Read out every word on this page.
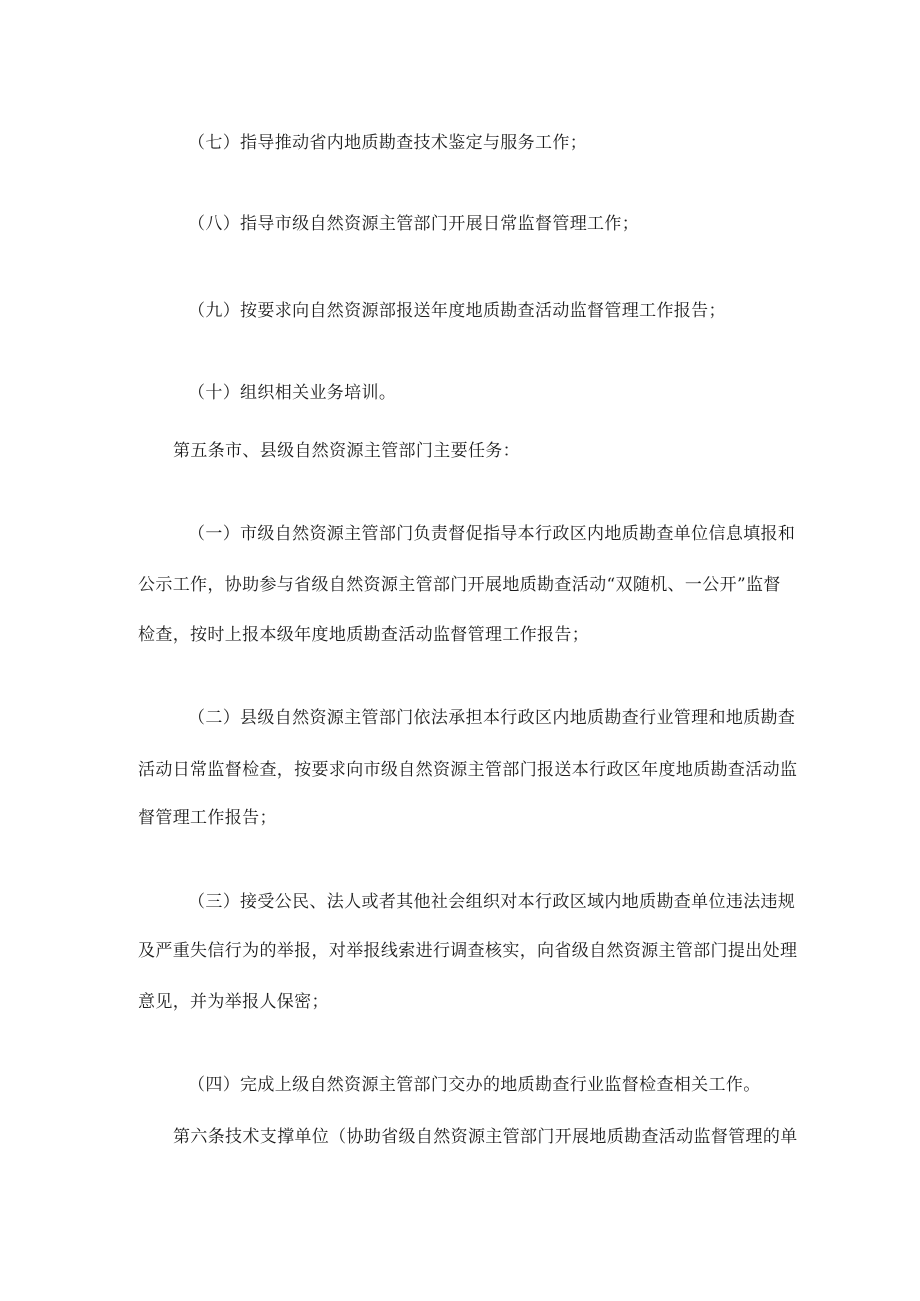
（七）指导推动省内地质勘查技术鉴定与服务工作；
（八）指导市级自然资源主管部门开展日常监督管理工作；
（九）按要求向自然资源部报送年度地质勘查活动监督管理工作报告；
（十）组织相关业务培训。
第五条市、县级自然资源主管部门主要任务：
（一）市级自然资源主管部门负责督促指导本行政区内地质勘查单位信息填报和
公示工作，协助参与省级自然资源主管部门开展地质勘查活动“双随机、一公开”监督
检查，按时上报本级年度地质勘查活动监督管理工作报告；
（二）县级自然资源主管部门依法承担本行政区内地质勘查行业管理和地质勘查
活动日常监督检查，按要求向市级自然资源主管部门报送本行政区年度地质勘查活动监
督管理工作报告；
（三）接受公民、法人或者其他社会组织对本行政区域内地质勘查单位违法违规
及严重失信行为的举报，对举报线索进行调查核实，向省级自然资源主管部门提出处理
意见，并为举报人保密；
（四）完成上级自然资源主管部门交办的地质勘查行业监督检查相关工作。
第六条技术支撑单位（协助省级自然资源主管部门开展地质勘查活动监督管理的单
